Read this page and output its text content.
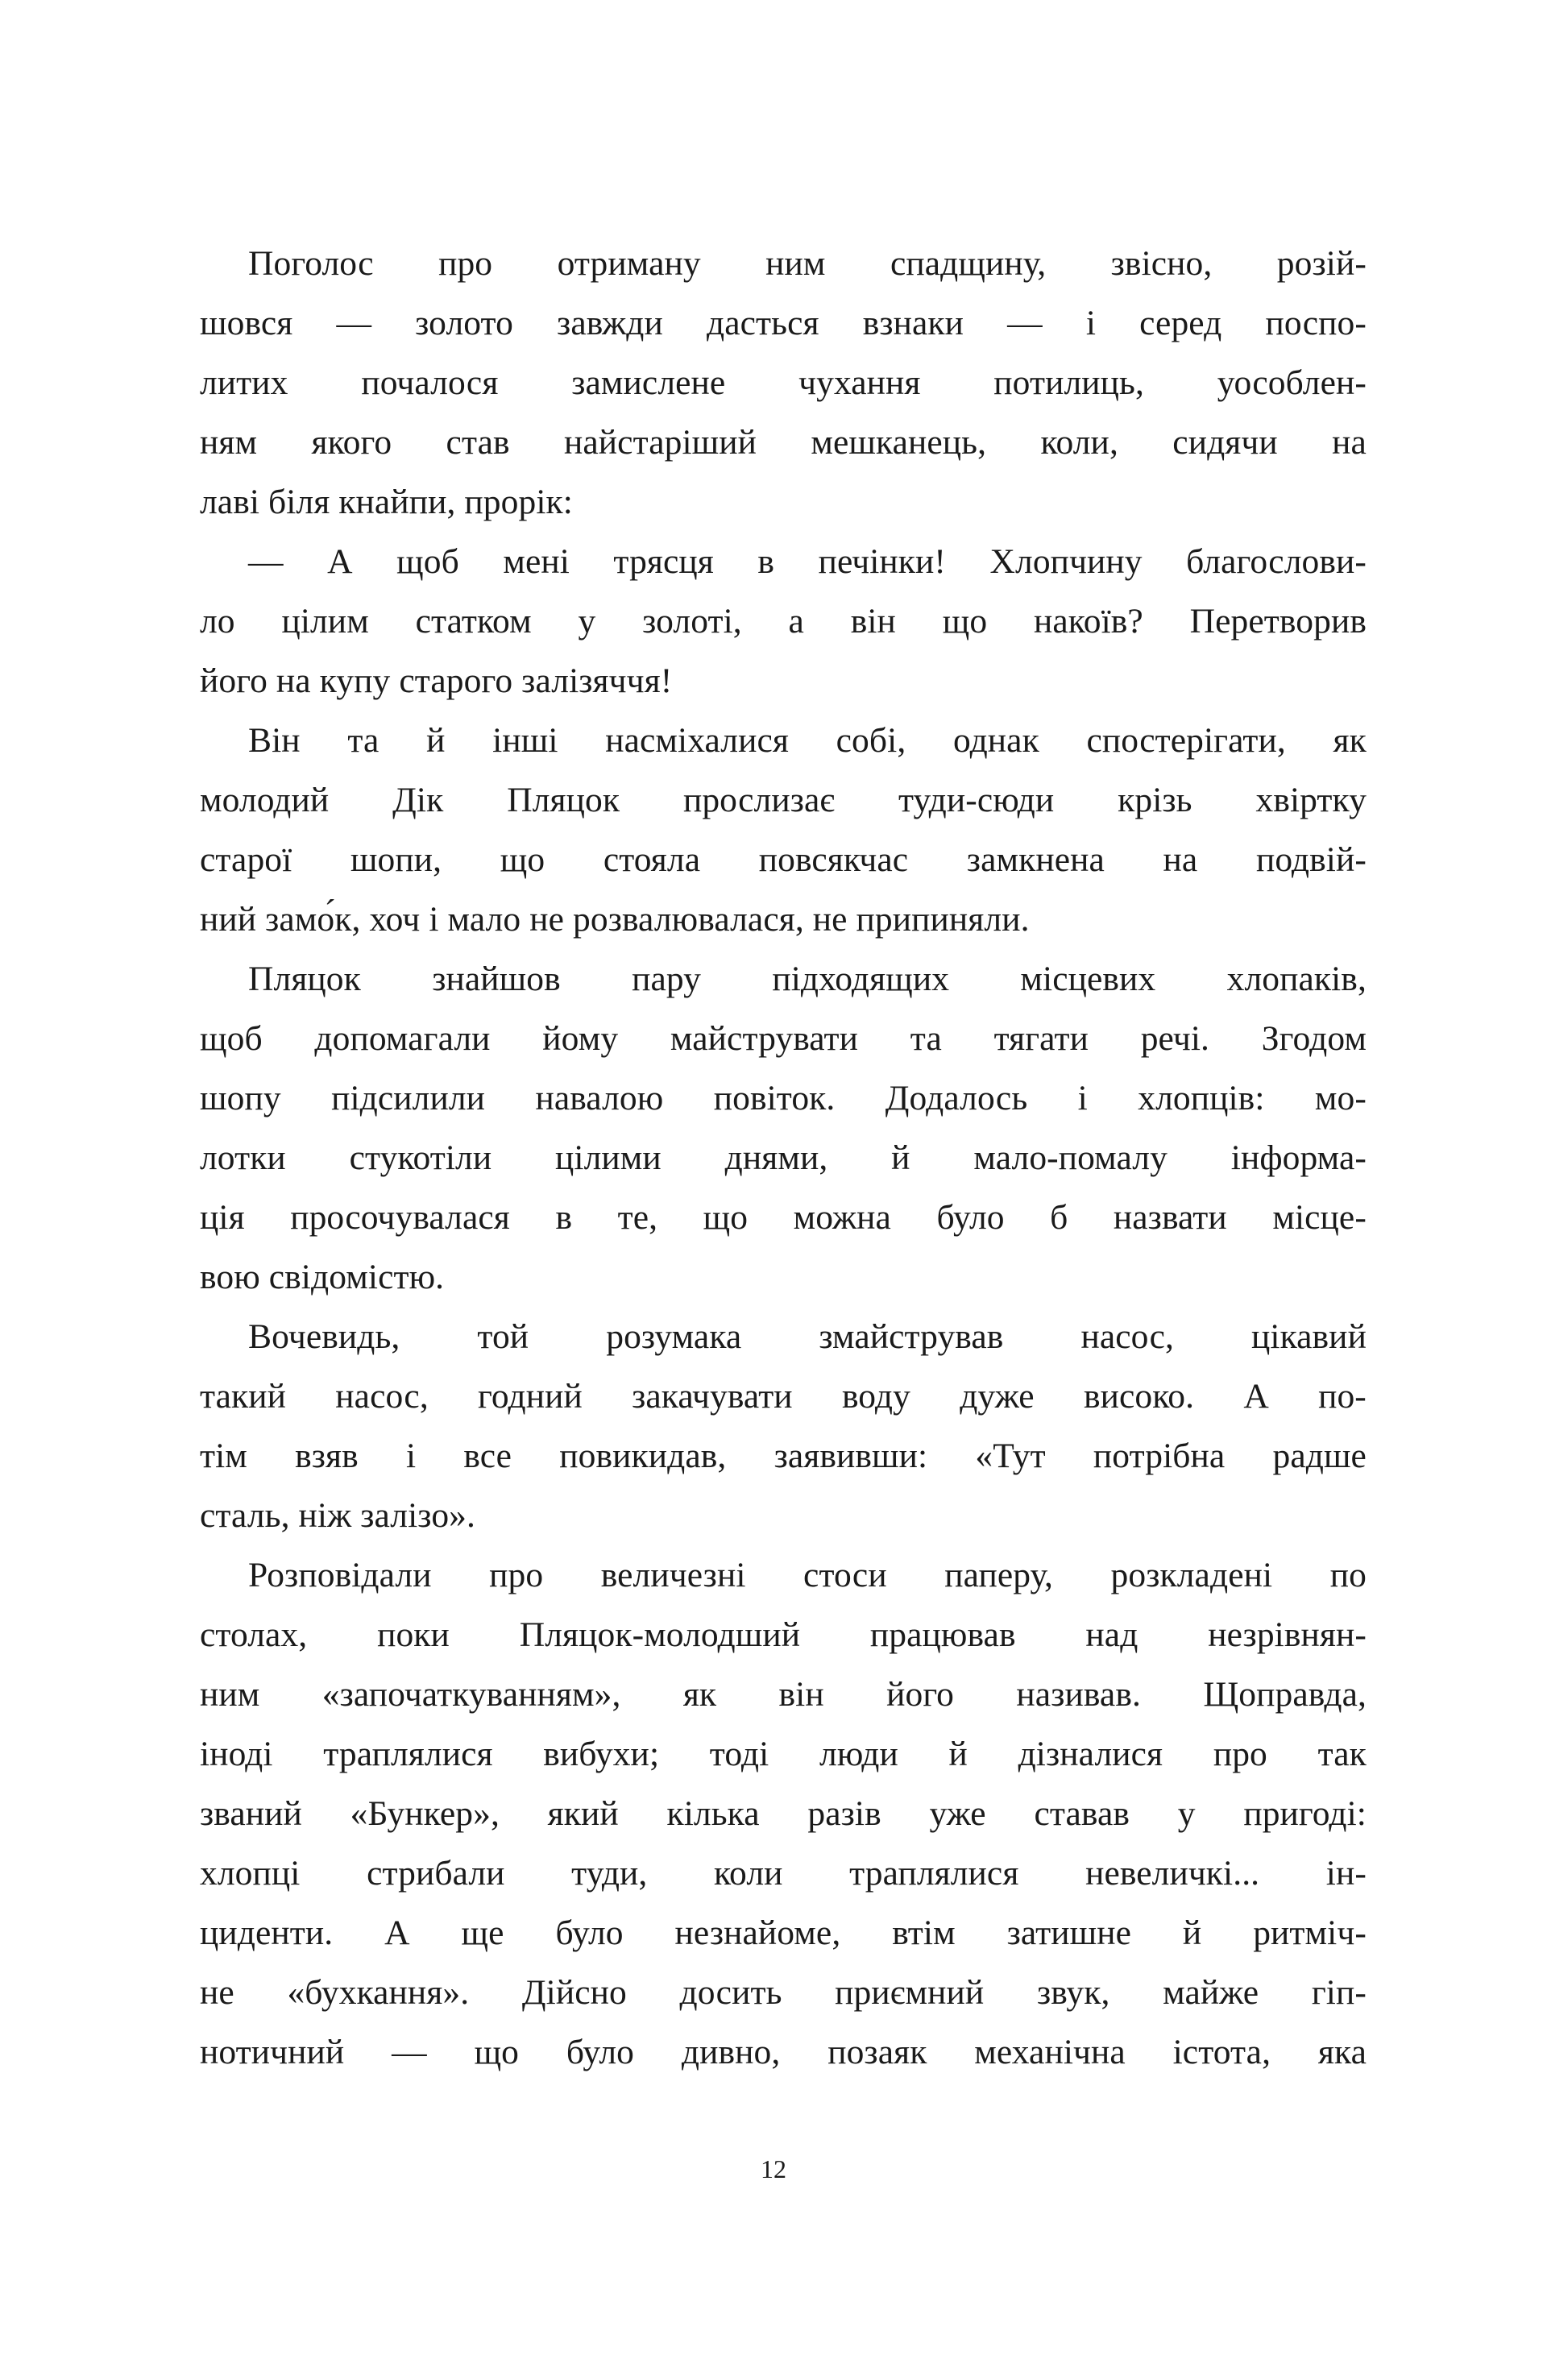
Поголос про отриману ним спадщину, звісно, розій-
шовся — золото завжди дасться взнаки — і серед поспо-
литих почалося замислене чухання потилиць, уособлен-
ням якого став найстаріший мешканець, коли, сидячи на
лаві біля кнайпи, прорік:

— А щоб мені трясця в печінки! Хлопчину благослови-
ло цілим статком у золоті, а він що накоїв? Перетворив
його на купу старого залізяччя!

Він та й інші насміхалися собі, однак спостерігати, як
молодий Дік Пляцок прослизає туди-сюди крізь хвіртку
старої шопи, що стояла повсякчас замкнена на подвій-
ний замо́к, хоч і мало не розвалювалася, не припиняли.

Пляцок знайшов пару підходящих місцевих хлопаків,
щоб допомагали йому майструвати та тягати речі. Згодом
шопу підсилили навалою повіток. Додалось і хлопців: мо-
лотки стукотіли цілими днями, й мало-помалу інформа-
ція просочувалася в те, що можна було б назвати місце-
вою свідомістю.

Вочевидь, той розумака змайстрував насос, цікавий
такий насос, годний закачувати воду дуже високо. А по-
тім взяв і все повикидав, заявивши: «Тут потрібна радше
сталь, ніж залізо».

Розповідали про величезні стоси паперу, розкладені по
столах, поки Пляцок-молодший працював над незрівнян-
ним «започаткуванням», як він його називав. Щоправда,
іноді траплялися вибухи; тоді люди й дізналися про так
званий «Бункер», який кілька разів уже ставав у пригоді:
хлопці стрибали туди, коли траплялися невеличкі... ін-
циденти. А ще було незнайоме, втім затишне й ритміч-
не «бухкання». Дійсно досить приємний звук, майже гіп-
нотичний — що було дивно, позаяк механічна істота, яка

12
